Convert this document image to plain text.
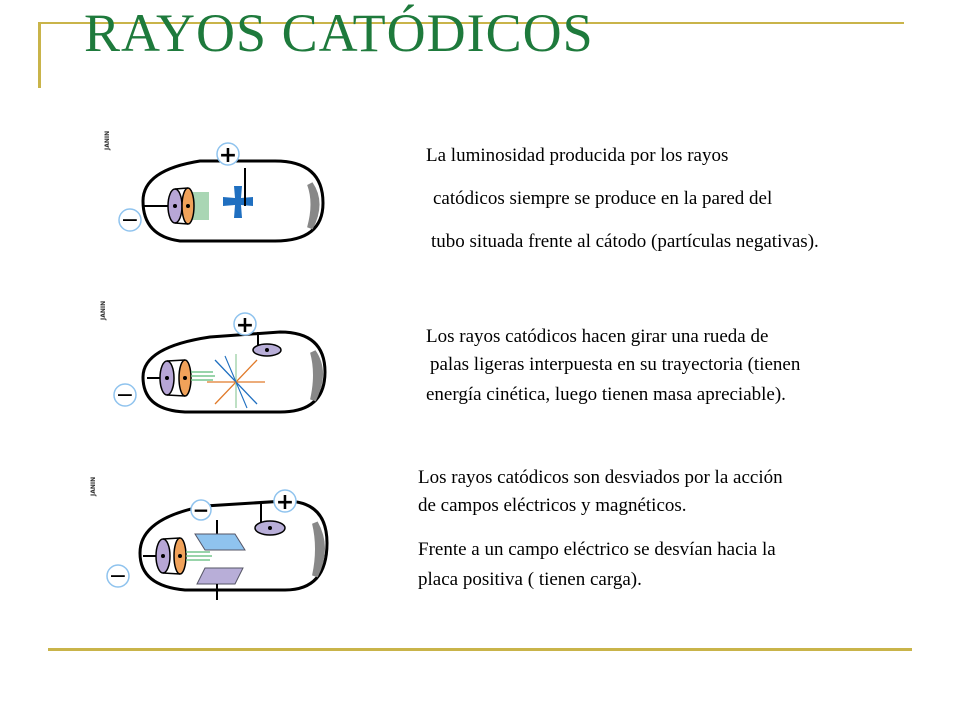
RAYOS CATÓDICOS
JANIN
+
−
La luminosidad producida por los rayos
catódicos siempre se produce en la pared del
tubo situada frente al cátodo (partículas negativas).
JANIN
+
−
Los rayos catódicos hacen girar una rueda de
palas ligeras interpuesta en su trayectoria (tienen
energía cinética, luego tienen masa apreciable).
JANIN
−	+
−
Los rayos catódicos son desviados por la acción
de campos eléctricos y magnéticos.
Frente a un campo eléctrico se desvían hacia la
placa positiva ( tienen carga).
